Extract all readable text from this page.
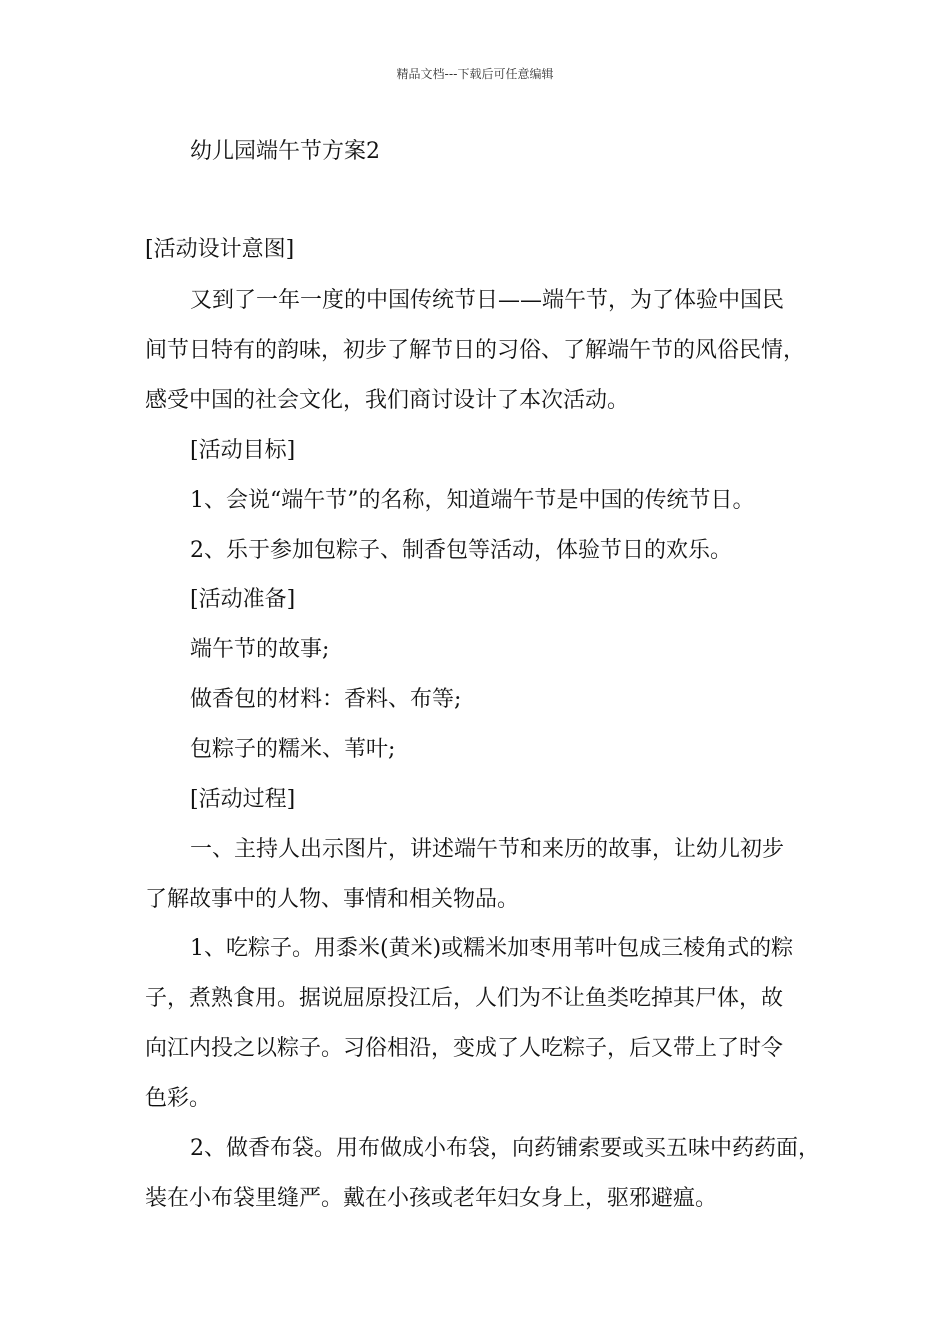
精品文档---下载后可任意编辑
幼儿园端午节方案2
[活动设计意图]
又到了一年一度的中国传统节日——端午节，为了体验中国民
间节日特有的韵味，初步了解节日的习俗、了解端午节的风俗民情，
感受中国的社会文化，我们商讨设计了本次活动。
[活动目标]
1、会说“端午节”的名称，知道端午节是中国的传统节日。
2、乐于参加包粽子、制香包等活动，体验节日的欢乐。
[活动准备]
端午节的故事;
做香包的材料：香料、布等;
包粽子的糯米、苇叶;
[活动过程]
一、主持人出示图片，讲述端午节和来历的故事，让幼儿初步
了解故事中的人物、事情和相关物品。
1、吃粽子。用黍米(黄米)或糯米加枣用苇叶包成三棱角式的粽
子，煮熟食用。据说屈原投江后，人们为不让鱼类吃掉其尸体，故
向江内投之以粽子。习俗相沿，变成了人吃粽子，后又带上了时令
色彩。
2、做香布袋。用布做成小布袋，向药铺索要或买五味中药药面，
装在小布袋里缝严。戴在小孩或老年妇女身上，驱邪避瘟。
